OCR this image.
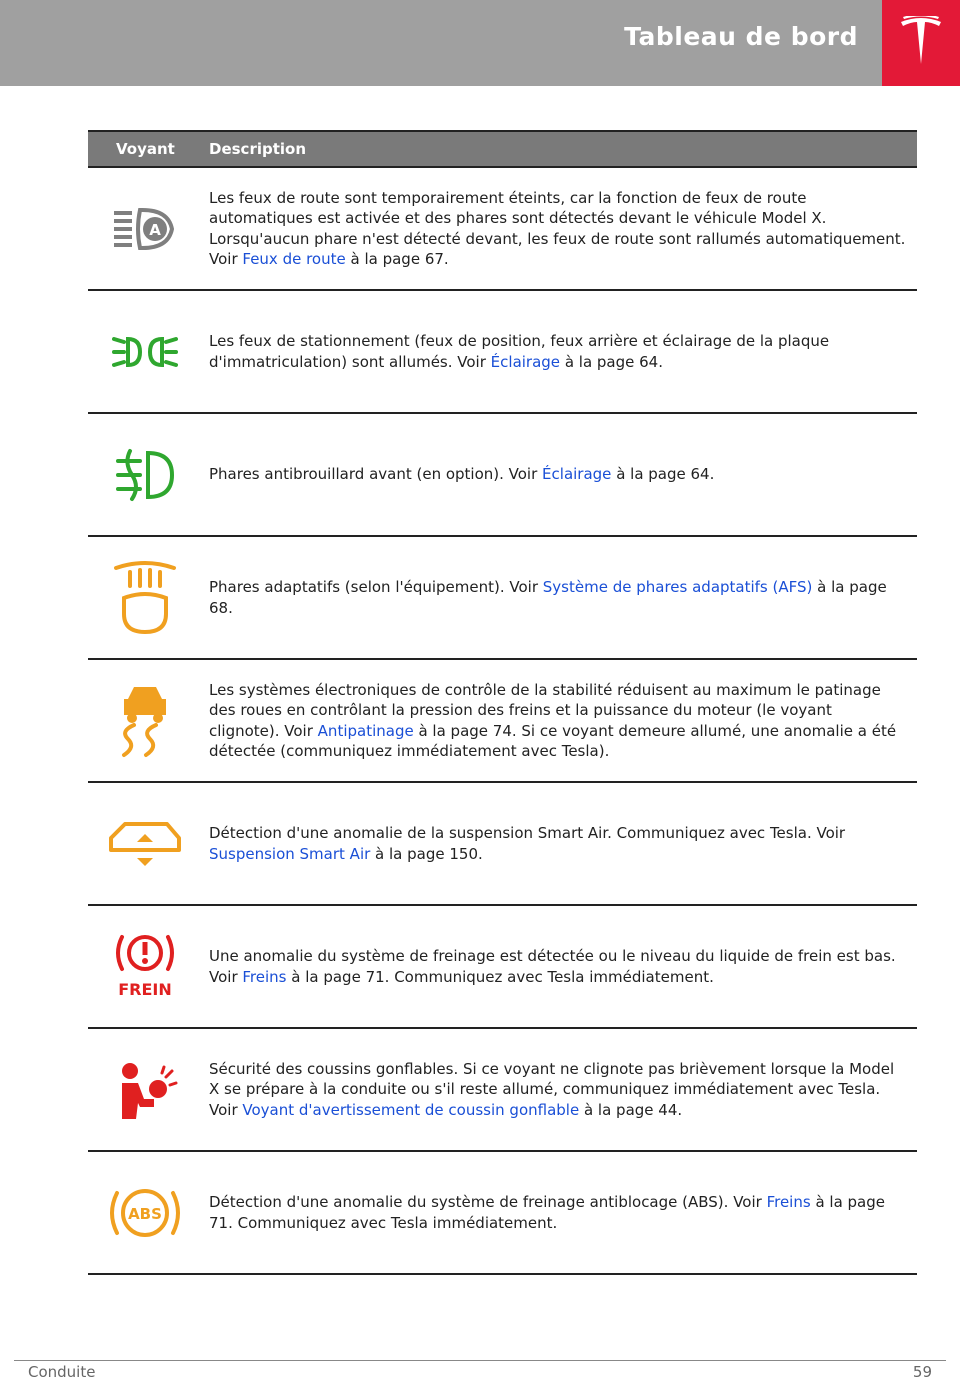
Tableau de bord
Voyant Description
A

Les feux de route sont temporairement éteints, car la fonction de feux de route automatiques est activée et des phares sont détectés devant le véhicule Model X. Lorsqu'aucun phare n'est détecté devant, les feux de route sont rallumés automatiquement. Voir Feux de route à la page 67.

Les feux de stationnement (feux de position, feux arrière et éclairage de la plaque d'immatriculation) sont allumés. Voir Éclairage à la page 64.

Phares antibrouillard avant (en option). Voir Éclairage à la page 64.

Phares adaptatifs (selon l'équipement). Voir Système de phares adaptatifs (AFS) à la page 68.

Les systèmes électroniques de contrôle de la stabilité réduisent au maximum le patinage des roues en contrôlant la pression des freins et la puissance du moteur (le voyant clignote). Voir Antipatinage à la page 74. Si ce voyant demeure allumé, une anomalie a été détectée (communiquez immédiatement avec Tesla).

Détection d'une anomalie de la suspension Smart Air. Communiquez avec Tesla. Voir Suspension Smart Air à la page 150.

FREIN

Une anomalie du système de freinage est détectée ou le niveau du liquide de frein est bas. Voir Freins à la page 71. Communiquez avec Tesla immédiatement.

Sécurité des coussins gonflables. Si ce voyant ne clignote pas brièvement lorsque la Model X se prépare à la conduite ou s'il reste allumé, communiquez immédiatement avec Tesla. Voir Voyant d'avertissement de coussin gonflable à la page 44.

ABS

Détection d'une anomalie du système de freinage antiblocage (ABS). Voir Freins à la page 71. Communiquez avec Tesla immédiatement.

Conduite	59
